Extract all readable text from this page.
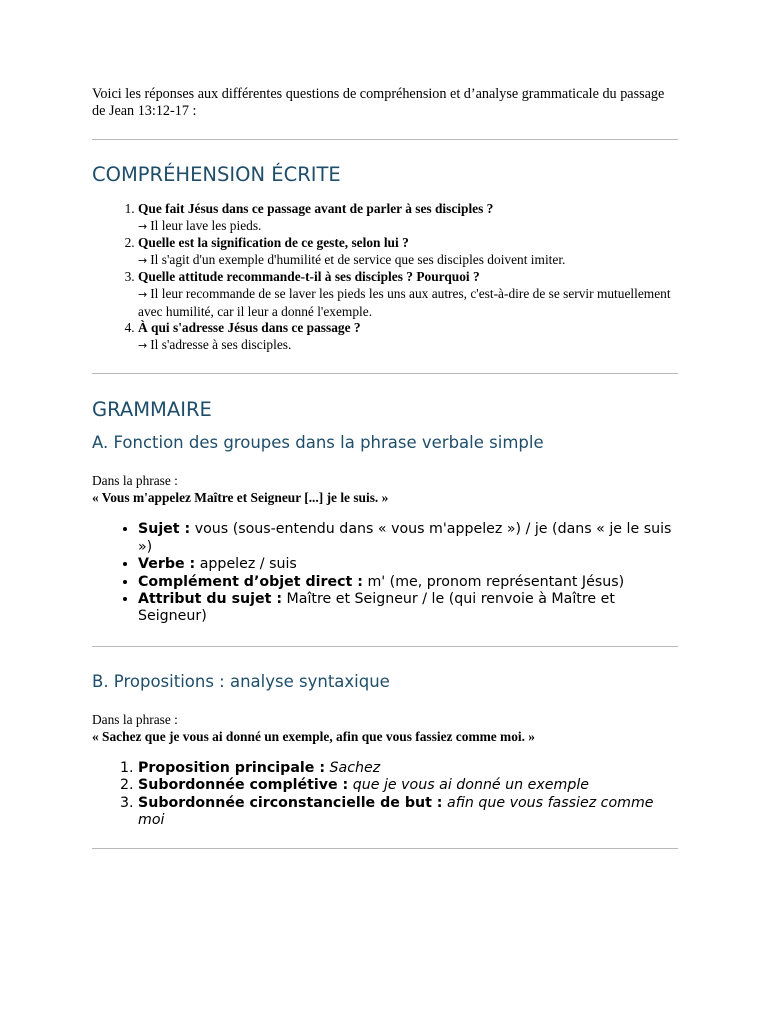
Voici les réponses aux différentes questions de compréhension et d’analyse grammaticale du passage de Jean 13:12-17 :

COMPRÉHENSION ÉCRITE
1. Que fait Jésus dans ce passage avant de parler à ses disciples ?
→ Il leur lave les pieds.
2. Quelle est la signification de ce geste, selon lui ?
→ Il s'agit d'un exemple d'humilité et de service que ses disciples doivent imiter.
3. Quelle attitude recommande-t-il à ses disciples ? Pourquoi ?
→ Il leur recommande de se laver les pieds les uns aux autres, c'est-à-dire de se servir mutuellement avec humilité, car il leur a donné l'exemple.
4. À qui s'adresse Jésus dans ce passage ?
→ Il s'adresse à ses disciples.
GRAMMAIRE
A. Fonction des groupes dans la phrase verbale simple

Dans la phrase :

« Vous m'appelez Maître et Seigneur [...] je le suis. »

• Sujet : vous (sous-entendu dans « vous m'appelez ») / je (dans « je le suis »)
• Verbe : appelez / suis
• Complément d’objet direct : m' (me, pronom représentant Jésus)
• Attribut du sujet : Maître et Seigneur / le (qui renvoie à Maître et Seigneur)
B. Propositions : analyse syntaxique

Dans la phrase :

« Sachez que je vous ai donné un exemple, afin que vous fassiez comme moi. »

1. Proposition principale : Sachez
2. Subordonnée complétive : que je vous ai donné un exemple
3. Subordonnée circonstancielle de but : afin que vous fassiez comme moi
